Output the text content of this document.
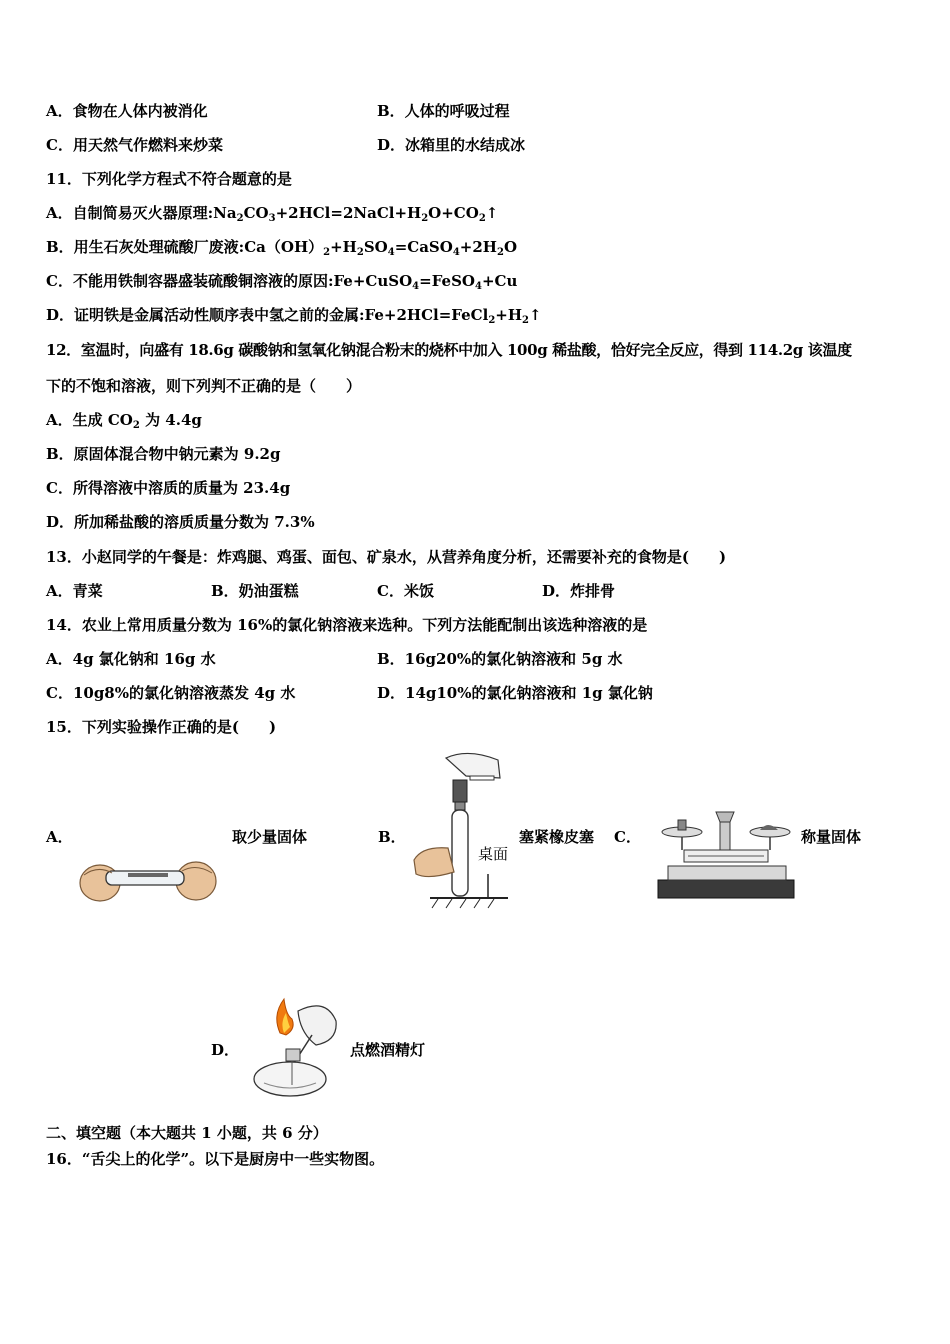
A．食物在人体内被消化	B．人体的呼吸过程
C．用天然气作燃料来炒菜	D．冰箱里的水结成冰
11．下列化学方程式不符合题意的是
A．自制简易灭火器原理$:Na_2CO_3+2HCl=2NaCl+H_2O+CO_2↑$
B．用生石灰处理硫酸厂废液$:Ca(OH)_2+H_2SO_4=CaSO_4+2H_2O$
C．不能用铁制容器盛装硫酸铜溶液的原因:Fe+CuSO$_4$=FeSO$_4$+Cu
D．证明铁是金属活动性顺序表中氢之前的金属$:Fe+2HCl=FeCl_2+H_2↑$
12．室温时，向盛有 18.6g 碳酸钠和氢氧化钠混合粉末的烧杯中加入 100g 稀盐酸，恰好完全反应，得到 114.2g 该温度
下的不饱和溶液，则下列判不正确的是（　　）
A．生成 $CO_2$ 为 4.4g
B．原固体混合物中钠元素为 9.2g
C．所得溶液中溶质的质量为 23.4g
D．所加稀盐酸的溶质质量分数为 7.3%
13．小赵同学的午餐是：炸鸡腿、鸡蛋、面包、矿泉水，从营养角度分析，还需要补充的食物是(　　)
A．青菜	B．奶油蛋糕	C．米饭	D．炸排骨
14．农业上常用质量分数为 16%的氯化钠溶液来选种。下列方法能配制出该选种溶液的是
A．4g 氯化钠和 16g 水	B．16g20%的氯化钠溶液和 5g 水
C．10g8%的氯化钠溶液蒸发 4g 水	D．14g10%的氯化钠溶液和 1g 氯化钠
15．下列实验操作正确的是(　　)
A．	取少量固体	B．
桌面
塞紧橡皮塞 C．	称量固体
D．	点燃酒精灯
二、填空题（本大题共 1 小题，共 6 分）
16．“舌尖上的化学”。以下是厨房中一些实物图。
